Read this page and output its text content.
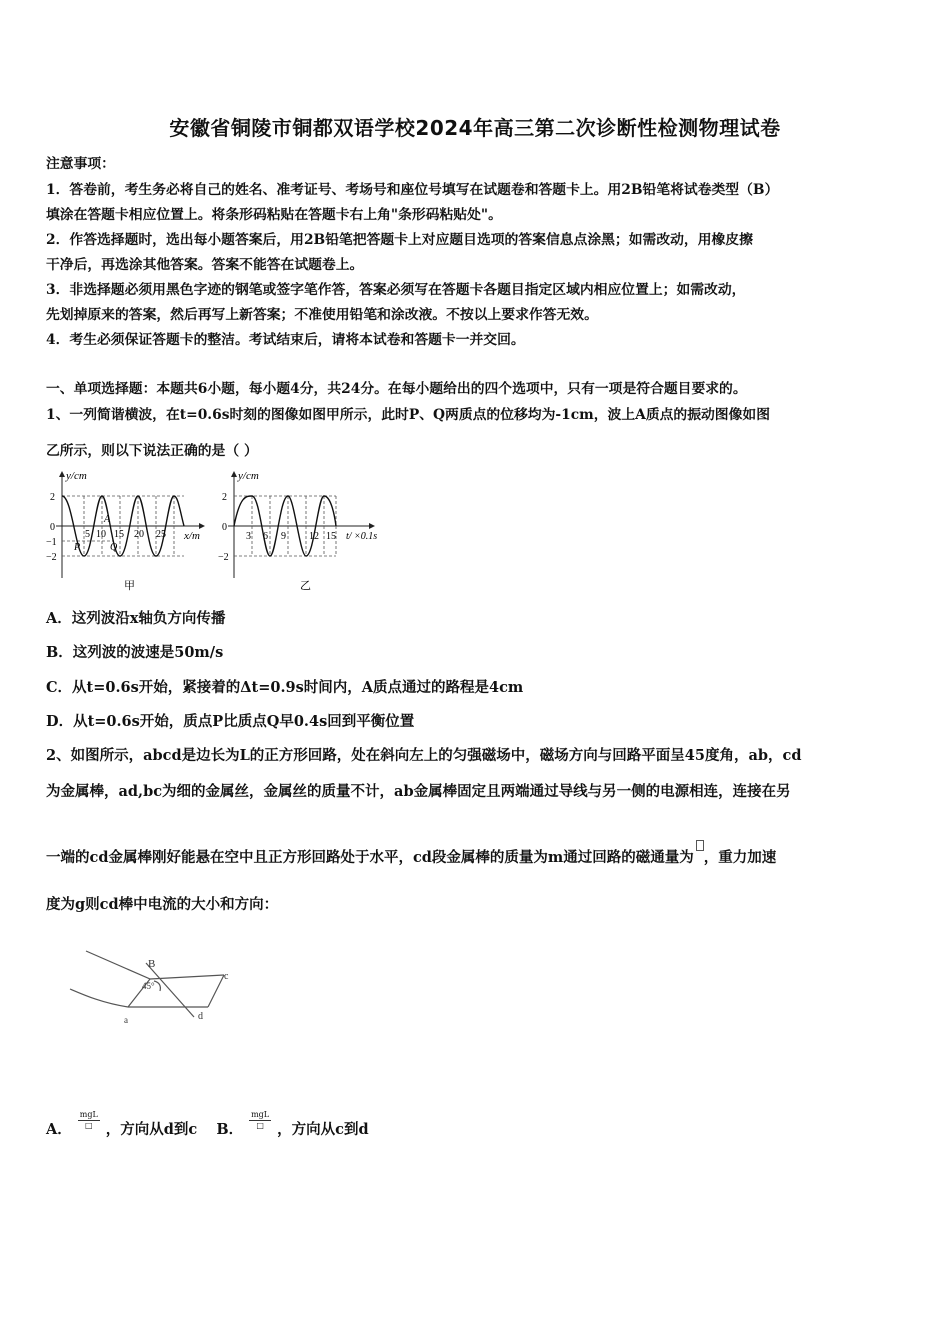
安徽省铜陵市铜都双语学校2024年高三第二次诊断性检测物理试卷
注意事项：
1．答卷前，考生务必将自己的姓名、准考证号、考场号和座位号填写在试题卷和答题卡上。用2B铅笔将试卷类型（B）
填涂在答题卡相应位置上。将条形码粘贴在答题卡右上角"条形码粘贴处"。
2．作答选择题时，选出每小题答案后，用2B铅笔把答题卡上对应题目选项的答案信息点涂黑；如需改动，用橡皮擦
干净后，再选涂其他答案。答案不能答在试题卷上。
3．非选择题必须用黑色字迹的钢笔或签字笔作答，答案必须写在答题卡各题目指定区域内相应位置上；如需改动，
先划掉原来的答案，然后再写上新答案；不准使用铅笔和涂改液。不按以上要求作答无效。
4．考生必须保证答题卡的整洁。考试结束后，请将本试卷和答题卡一并交回。
一、单项选择题：本题共6小题，每小题4分，共24分。在每小题给出的四个选项中，只有一项是符合题目要求的。
1、一列简谐横波，在t=0.6s时刻的图像如图甲所示，此时P、Q两质点的位移均为-1cm，波上A质点的振动图像如图
乙所示，则以下说法正确的是（ ）
y/cm
x/m
2
0
−1
−2
5 10 15 20 25
A
P	Q
甲
y/cm
t/ ×0.1s
2
0
−2
3 6 9 12 15
乙
A．这列波沿x轴负方向传播
B．这列波的波速是50m/s
C．从t=0.6s开始，紧接着的Δt=0.9s时间内，A质点通过的路程是4cm
D．从t=0.6s开始，质点P比质点Q早0.4s回到平衡位置
2、如图所示，abcd是边长为L的正方形回路，处在斜向左上的匀强磁场中，磁场方向与回路平面呈45度角，ab，cd
为金属棒，ad,bc为细的金属丝，金属丝的质量不计，ab金属棒固定且两端通过导线与另一侧的电源相连，连接在另
一端的cd金属棒刚好能悬在空中且正方形回路处于水平，cd段金属棒的质量为m通过回路的磁通量为 ，重力加速
度为g则cd棒中电流的大小和方向：
B
45°
c
a	d
A． $\frac{\text{mgL}}{□}$ ，方向从d到c B． $\frac{\text{mgL}}{□}$ ，方向从c到d
